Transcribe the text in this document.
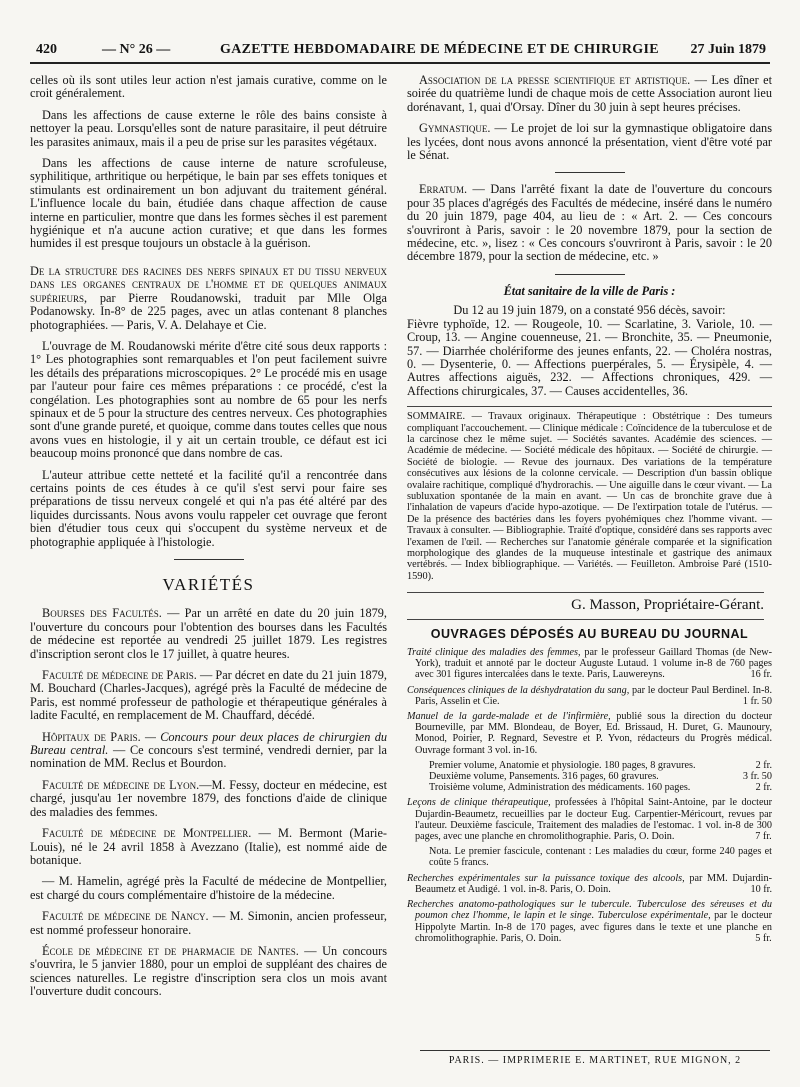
420	— N° 26 —	GAZETTE HEBDOMADAIRE DE MÉDECINE ET DE CHIRURGIE 27 Juin 1879

celles où ils sont utiles leur action n'est jamais curative, comme on le croit généralement.

Dans les affections de cause externe le rôle des bains consiste à nettoyer la peau. Lorsqu'elles sont de nature parasitaire, il peut détruire les parasites animaux, mais il a peu de prise sur les parasites végétaux.

Dans les affections de cause interne de nature scrofuleuse, syphilitique, arthritique ou herpétique, le bain par ses effets toniques et stimulants est ordinairement un bon adjuvant du traitement général. L'influence locale du bain, étudiée dans chaque affection de cause interne en particulier, montre que dans les formes sèches il est parement hygiénique et n'a aucune action curative; et que dans les formes humides il est presque toujours un obstacle à la guérison.

De la structure des racines des nerfs spinaux et du tissu nerveux dans les organes centraux de l'homme et de quelques animaux supérieurs, par Pierre Roudanowski, traduit par Mlle Olga Podanowsky. In-8° de 225 pages, avec un atlas contenant 8 planches photographiées. — Paris, V. A. Delahaye et Cie.

L'ouvrage de M. Roudanowski mérite d'être cité sous deux rapports : 1° Les photographies sont remarquables et l'on peut facilement suivre les détails des préparations microscopiques. 2° Le procédé mis en usage par l'auteur pour faire ces mêmes préparations : ce procédé, c'est la congélation. Les photographies sont au nombre de 65 pour les nerfs spinaux et de 5 pour la structure des centres nerveux. Ces photographies sont d'une grande pureté, et quoique, comme dans toutes celles que nous avons vues en histologie, il y ait un certain trouble, ce défaut est ici beaucoup moins prononcé que dans nombre de cas.

L'auteur attribue cette netteté et la facilité qu'il a rencontrée dans certains points de ces études à ce qu'il s'est servi pour faire ses préparations de tissu nerveux congelé et qui n'a pas été altéré par des liquides durcissants. Nous avons voulu rappeler cet ouvrage que feront bien d'étudier tous ceux qui s'occupent du système nerveux et de photographie appliquée à l'histologie.

VARIÉTÉS

Bourses des Facultés. — Par un arrêté en date du 20 juin 1879, l'ouverture du concours pour l'obtention des bourses dans les Facultés de médecine est reportée au vendredi 25 juillet 1879. Les registres d'inscription seront clos le 17 juillet, à quatre heures.

Faculté de médecine de Paris. — Par décret en date du 21 juin 1879, M. Bouchard (Charles-Jacques), agrégé près la Faculté de médecine de Paris, est nommé professeur de pathologie et thérapeutique générales à ladite Faculté, en remplacement de M. Chauffard, décédé.

Hôpitaux de Paris. — Concours pour deux places de chirurgien du Bureau central. — Ce concours s'est terminé, vendredi dernier, par la nomination de MM. Reclus et Bourdon.

Faculté de médecine de Lyon.—M. Fessy, docteur en médecine, est chargé, jusqu'au 1er novembre 1879, des fonctions d'aide de clinique des maladies des femmes.

Faculté de médecine de Montpellier. — M. Bermont (Marie-Louis), né le 24 avril 1858 à Avezzano (Italie), est nommé aide de botanique.

— M. Hamelin, agrégé près la Faculté de médecine de Montpellier, est chargé du cours complémentaire d'histoire de la médecine.

Faculté de médecine de Nancy. — M. Simonin, ancien professeur, est nommé professeur honoraire.

École de médecine et de pharmacie de Nantes. — Un concours s'ouvrira, le 5 janvier 1880, pour un emploi de suppléant des chaires de sciences naturelles. Le registre d'inscription sera clos un mois avant l'ouverture dudit concours.

Association de la presse scientifique et artistique. — Les dîner et soirée du quatrième lundi de chaque mois de cette Association auront lieu dorénavant, 1, quai d'Orsay. Dîner du 30 juin à sept heures précises.

Gymnastique. — Le projet de loi sur la gymnastique obligatoire dans les lycées, dont nous avons annoncé la présentation, vient d'être voté par le Sénat.

Erratum. — Dans l'arrêté fixant la date de l'ouverture du concours pour 35 places d'agrégés des Facultés de médecine, inséré dans le numéro du 20 juin 1879, page 404, au lieu de : « Art. 2. — Ces concours s'ouvriront à Paris, savoir : le 20 novembre 1879, pour la section de médecine, etc. », lisez : « Ces concours s'ouvriront à Paris, savoir : le 20 décembre 1879, pour la section de médecine, etc. »

État sanitaire de la ville de Paris :
Du 12 au 19 juin 1879, on a constaté 956 décès, savoir:

Fièvre typhoïde, 12. — Rougeole, 10. — Scarlatine, 3. Variole, 10. — Croup, 13. — Angine couenneuse, 21. — Bronchite, 35. — Pneumonie, 57. — Diarrhée cholériforme des jeunes enfants, 22. — Choléra nostras, 0. — Dysenterie, 0. — Affections puerpérales, 5. — Érysipèle, 4. — Autres affections aiguës, 232. — Affections chroniques, 429. — Affections chirurgicales, 37. — Causes accidentelles, 36.

SOMMAIRE. — Travaux originaux. Thérapeutique : Obstétrique : Des tumeurs compliquant l'accouchement. — Clinique médicale : Coïncidence de la tuberculose et de la carcinose chez le même sujet. — Sociétés savantes. Académie des sciences. — Académie de médecine. — Société médicale des hôpitaux. — Société de chirurgie. — Société de biologie. — Revue des journaux. Des variations de la température consécutives aux lésions de la colonne cervicale. — Description d'un bassin oblique ovalaire rachitique, compliqué d'hydrorachis. — Une aiguille dans le cœur vivant. — La subluxation spontanée de la main en avant. — Un cas de bronchite grave due à l'inhalation de vapeurs d'acide hypo-azotique. — De l'extirpation totale de l'utérus. — De la présence des bactéries dans les foyers pyohémiques chez l'homme vivant. — Travaux à consulter. — Bibliographie. Traité d'optique, considéré dans ses rapports avec l'examen de l'œil. — Recherches sur l'anatomie générale comparée et la signification morphologique des glandes de la muqueuse intestinale et gastrique des animaux vertébrés. — Index bibliographique. — Variétés. — Feuilleton. Ambroise Paré (1510-1590).
G. Masson, Propriétaire-Gérant.
OUVRAGES DÉPOSÉS AU BUREAU DU JOURNAL
Traité clinique des maladies des femmes, par le professeur Gaillard Thomas (de New-York), traduit et annoté par le docteur Auguste Lutaud. 1 volume in-8 de 760 pages avec 301 figures intercalées dans le texte. Paris, Lauwereyns.	16 fr.
Conséquences cliniques de la déshydratation du sang, par le docteur Paul Berdinel. In-8. Paris, Asselin et Cie.	1 fr. 50
Manuel de la garde-malade et de l'infirmière, publié sous la direction du docteur Bourneville, par MM. Blondeau, de Boyer, Ed. Brissaud, H. Duret, G. Maunoury, Monod, Poirier, P. Regnard, Sevestre et P. Yvon, rédacteurs du Progrès médical. Ouvrage formant 3 vol. in-16.
Premier volume, Anatomie et physiologie. 180 pages, 8 gravures.	2 fr.
Deuxième volume, Pansements. 316 pages, 60 gravures.	3 fr. 50
Troisième volume, Administration des médicaments. 160 pages.	2 fr.
Leçons de clinique thérapeutique, professées à l'hôpital Saint-Antoine, par le docteur Dujardin-Beaumetz, recueillies par le docteur Eug. Carpentier-Méricourt, revues par l'auteur. Deuxième fascicule, Traitement des maladies de l'estomac. 1 vol. in-8 de 300 pages, avec une planche en chromolithographie. Paris, O. Doin.	7 fr.
Nota. Le premier fascicule, contenant : Les maladies du cœur, forme 240 pages et coûte 5 francs.
Recherches expérimentales sur la puissance toxique des alcools, par MM. Dujardin-Beaumetz et Audigé. 1 vol. in-8. Paris, O. Doin.	10 fr.
Recherches anatomo-pathologiques sur le tubercule. Tuberculose des séreuses et du poumon chez l'homme, le lapin et le singe. Tuberculose expérimentale, par le docteur Hippolyte Martin. In-8 de 170 pages, avec figures dans le texte et une planche en chromolithographie. Paris, O. Doin.	5 fr.
PARIS. — IMPRIMERIE E. MARTINET, RUE MIGNON, 2
